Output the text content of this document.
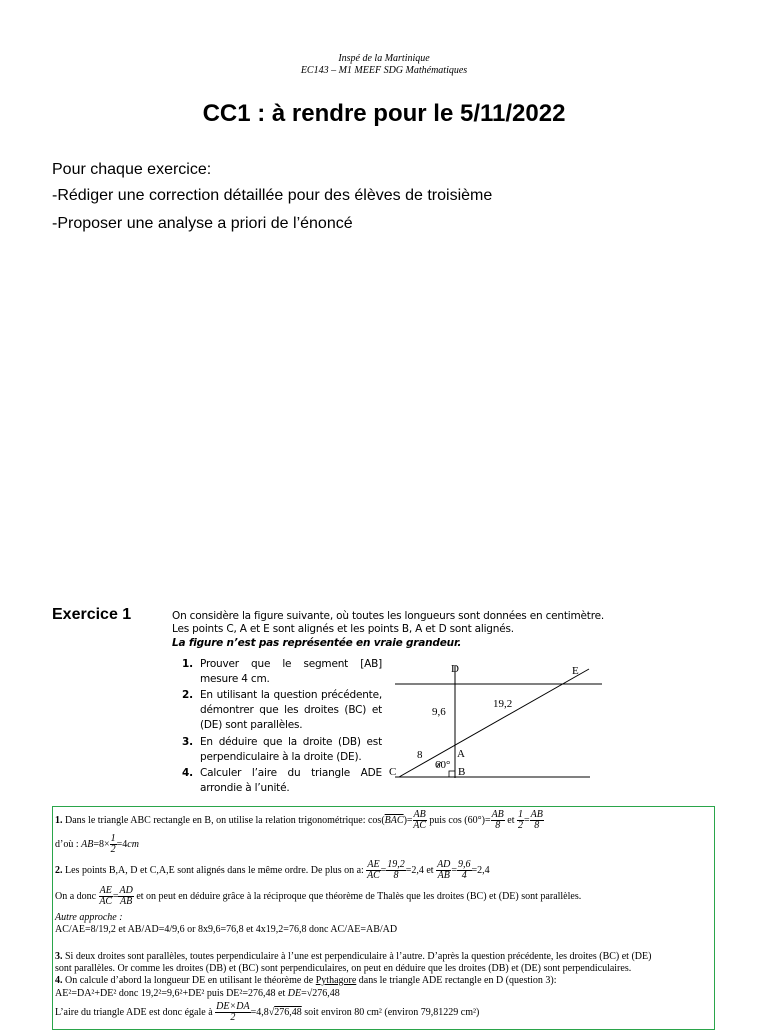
Inspé de la Martinique
EC143 – M1 MEEF SDG Mathématiques
CC1 : à rendre pour le 5/11/2022
Pour chaque exercice:
-Rédiger une correction détaillée pour des élèves de troisième
-Proposer une analyse a priori de l’énoncé
Exercice 1	On considère la figure suivante, où toutes les longueurs sont données en centimètre. Les points C, A et E sont alignés et les points B, A et D sont alignés.
La figure n’est pas représentée en vraie grandeur.
1. Prouver que le segment [AB] mesure 4 cm.
2. En utilisant la question précédente, démontrer que les droites (BC) et (DE) sont parallèles.
3. En déduire que la droite (DB) est perpendiculaire à la droite (DE).
4. Calculer l’aire du triangle ADE arrondie à l’unité.
D	E
A
B
C
9,6
19,2
8
60°
1. Dans le triangle ABC rectangle en B, on utilise la relation trigonométrique: $\cos(\overline{BAC})= \frac{AB}{AC}$ puis $\cos (60^\circ)= \frac{AB}{8}$ et $\frac{1}{2} = \frac{AB}{8}$
d’où : $AB=8\times \frac{1}{2} =4cm$
2. Les points B,A, D et C,A,E sont alignés dans le même ordre. De plus on a: $\frac{AE}{AC} = \frac{19,2}{8} =2,4$ et $\frac{AD}{AB} = \frac{9,6}{4} =2,4$
On a donc $\frac{AE}{AC} = \frac{AD}{AB}$ et on peut en déduire grâce à la réciproque que théorème de Thalès que les droites (BC) et (DE) sont parallèles.
Autre approche :
AC/AE=8/19,2 et AB/AD=4/9,6 or 8x9,6=76,8 et 4x19,2=76,8 donc AC/AE=AB/AD
3. Si deux droites sont parallèles, toutes perpendiculaire à l’une est perpendiculaire à l’autre. D’après la question précédente, les droites (BC) et (DE)
sont parallèles. Or comme les droites (DB) et (BC) sont perpendiculaires, on peut en déduire que les droites (DB) et (DE) sont perpendiculaires.
4. On calcule d’abord la longueur DE en utilisant le théorème de Pythagore dans le triangle ADE rectangle en D (question 3):
AE²=DA²+DE² donc 19,2²=9,6²+DE² puis DE²=276,48 et DE=√276,48
L’aire du triangle ADE est donc égale à $\frac{DE\times DA}{2} =4,8√276,48$ soit environ 80 cm² (environ 79,81229 cm²)
